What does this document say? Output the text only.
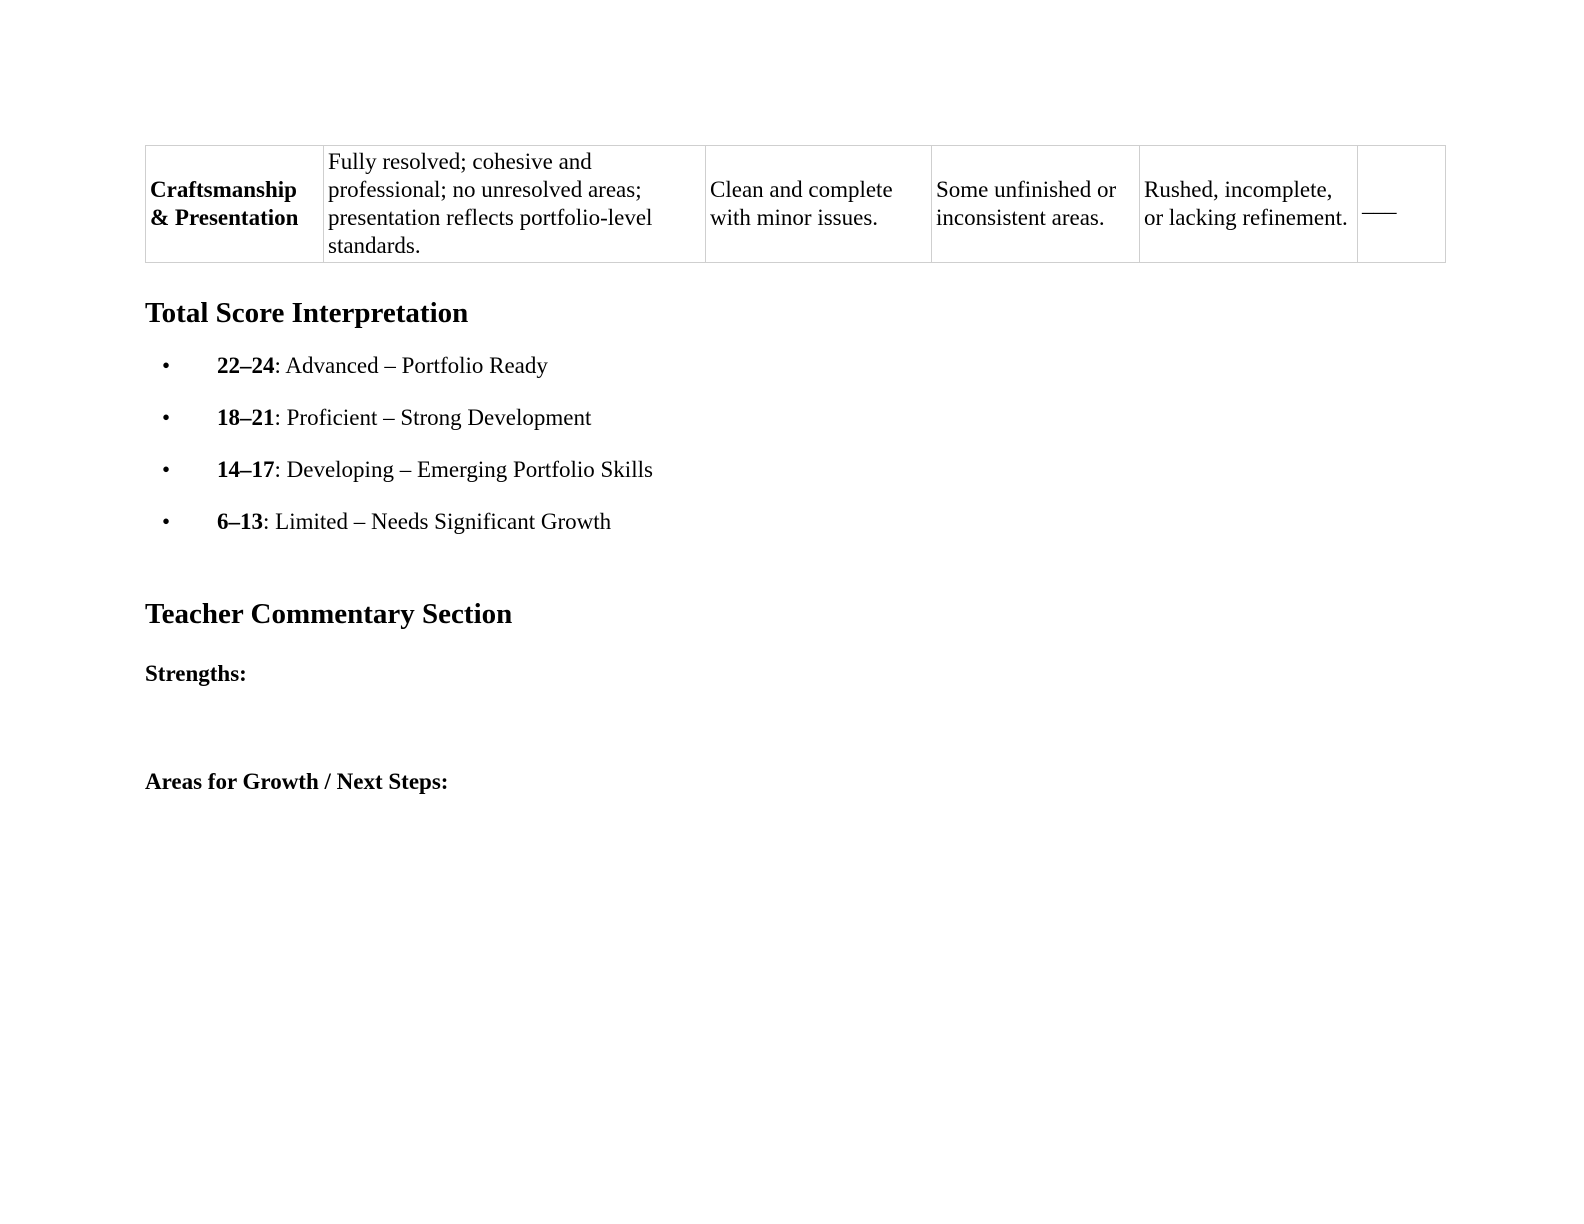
Craftsmanship & Presentation	Fully resolved; cohesive and professional; no unresolved areas; presentation reflects portfolio-level standards.	Clean and complete with minor issues.	Some unfinished or inconsistent areas.	Rushed, incomplete, or lacking refinement.	___
Total Score Interpretation
•	22–24: Advanced – Portfolio Ready
•	18–21: Proficient – Strong Development
•	14–17: Developing – Emerging Portfolio Skills
•	6–13: Limited – Needs Significant Growth
Teacher Commentary Section

Strengths:

Areas for Growth / Next Steps:
